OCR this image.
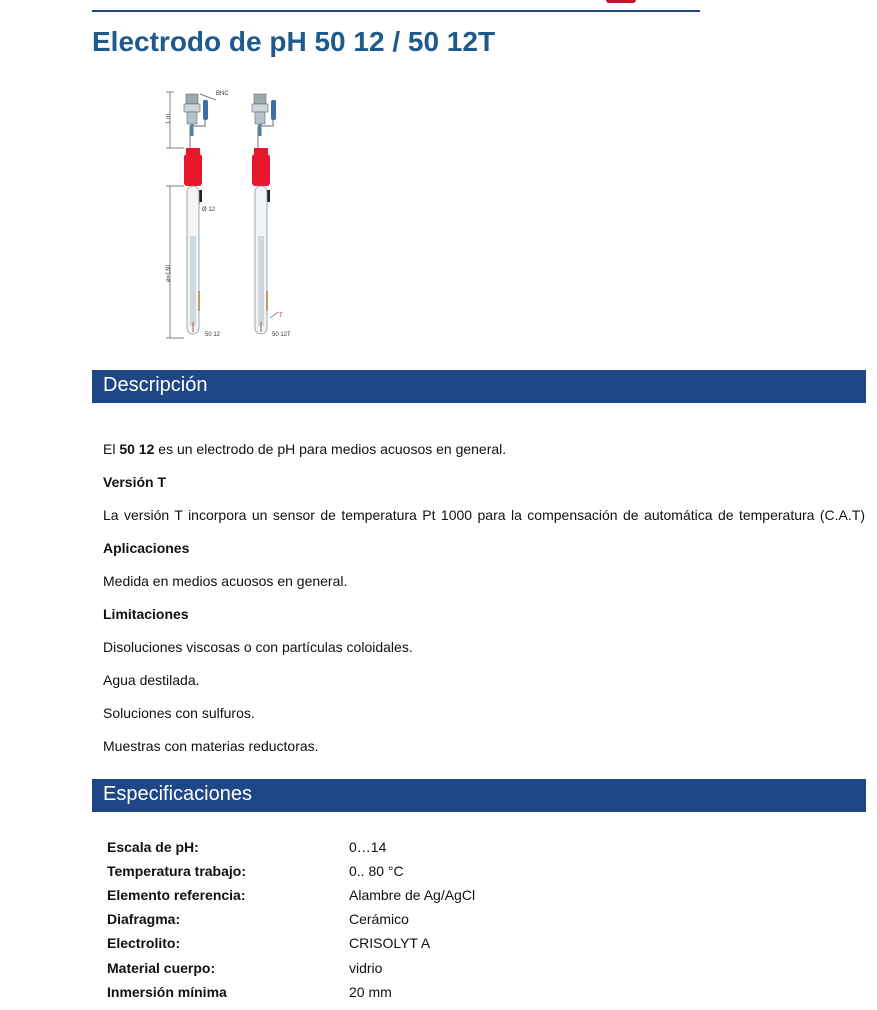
Electrodo de pH 50 12 / 50 12T
BNC
1 m
Ø 12
ø=130
T
50 12	50 12T
Descripción
El 50 12 es un electrodo de pH para medios acuosos en general.
Versión T
La versión T incorpora un sensor de temperatura Pt 1000 para la compensación de automática de temperatura (C.A.T)
Aplicaciones
Medida en medios acuosos en general.
Limitaciones
Disoluciones viscosas o con partículas coloidales.
Agua destilada.
Soluciones con sulfuros.
Muestras con materias reductoras.
Especificaciones
Escala de pH:	0…14
Temperatura trabajo:	0.. 80 °C
Elemento referencia:	Alambre de Ag/AgCl
Diafragma:	Cerámico
Electrolito:	CRISOLYT A
Material cuerpo:	vidrio
Inmersión mínima	20 mm
